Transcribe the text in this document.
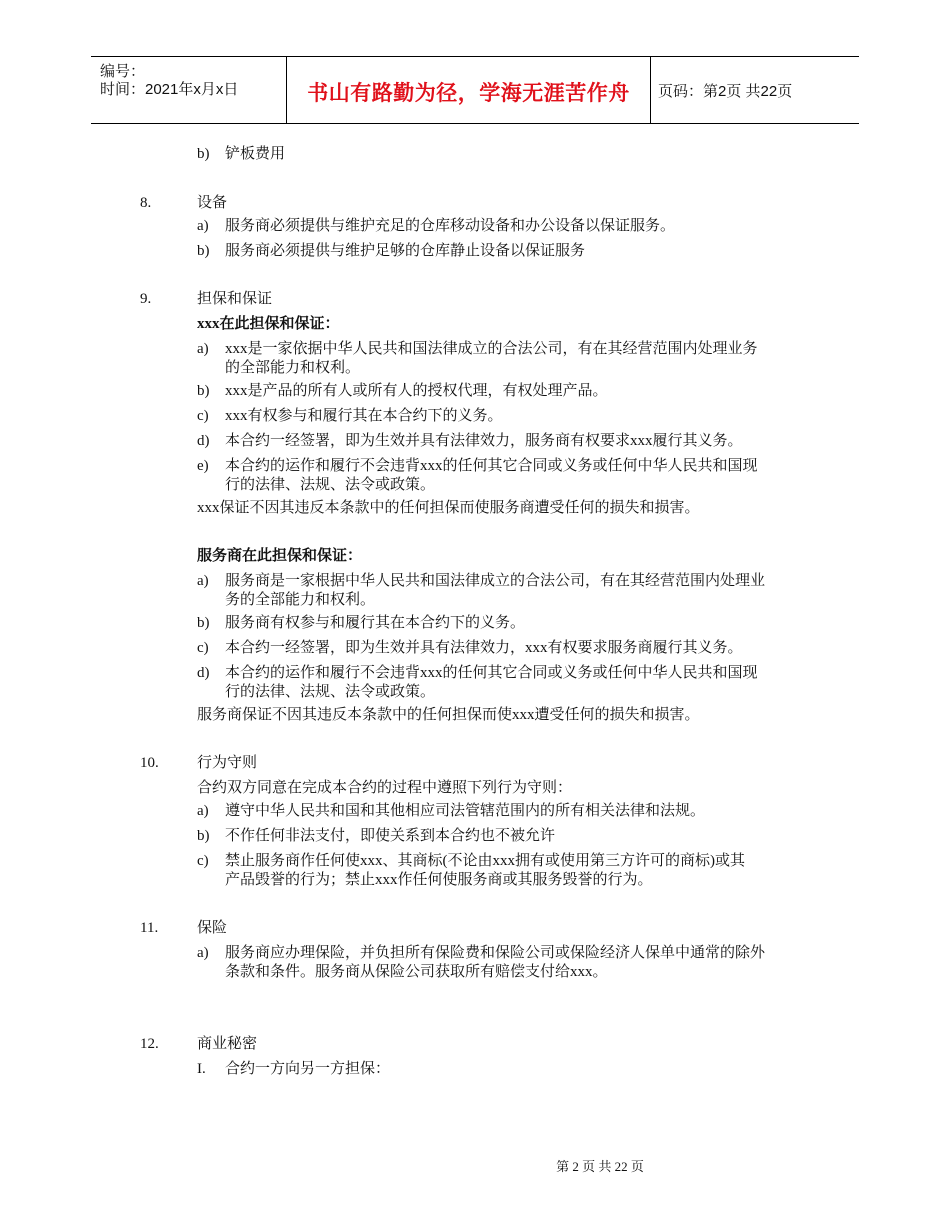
编号：
时间：2021年x月x日	书山有路勤为径，学海无涯苦作舟	页码：第2页 共22页
b) 铲板费用
8.	设备
a) 服务商必须提供与维护充足的仓库移动设备和办公设备以保证服务。
b) 服务商必须提供与维护足够的仓库静止设备以保证服务
9.	担保和保证
xxx在此担保和保证：
a) xxx是一家依据中华人民共和国法律成立的合法公司，有在其经营范围内处理业务
的全部能力和权利。
b) xxx是产品的所有人或所有人的授权代理，有权处理产品。
c) xxx有权参与和履行其在本合约下的义务。
d) 本合约一经签署，即为生效并具有法律效力，服务商有权要求xxx履行其义务。
e) 本合约的运作和履行不会违背xxx的任何其它合同或义务或任何中华人民共和国现
行的法律、法规、法令或政策。
xxx保证不因其违反本条款中的任何担保而使服务商遭受任何的损失和损害。
服务商在此担保和保证：
a) 服务商是一家根据中华人民共和国法律成立的合法公司，有在其经营范围内处理业
务的全部能力和权利。
b) 服务商有权参与和履行其在本合约下的义务。
c) 本合约一经签署，即为生效并具有法律效力，xxx有权要求服务商履行其义务。
d) 本合约的运作和履行不会违背xxx的任何其它合同或义务或任何中华人民共和国现
行的法律、法规、法令或政策。
服务商保证不因其违反本条款中的任何担保而使xxx遭受任何的损失和损害。
10.	行为守则
合约双方同意在完成本合约的过程中遵照下列行为守则：
a) 遵守中华人民共和国和其他相应司法管辖范围内的所有相关法律和法规。
b) 不作任何非法支付，即使关系到本合约也不被允许
c) 禁止服务商作任何使xxx、其商标(不论由xxx拥有或使用第三方许可的商标)或其
产品毁誉的行为；禁止xxx作任何使服务商或其服务毁誉的行为。
11.	保险
a) 服务商应办理保险，并负担所有保险费和保险公司或保险经济人保单中通常的除外
条款和条件。服务商从保险公司获取所有赔偿支付给xxx。
12.	商业秘密
I. 合约一方向另一方担保：
第 2 页 共 22 页
